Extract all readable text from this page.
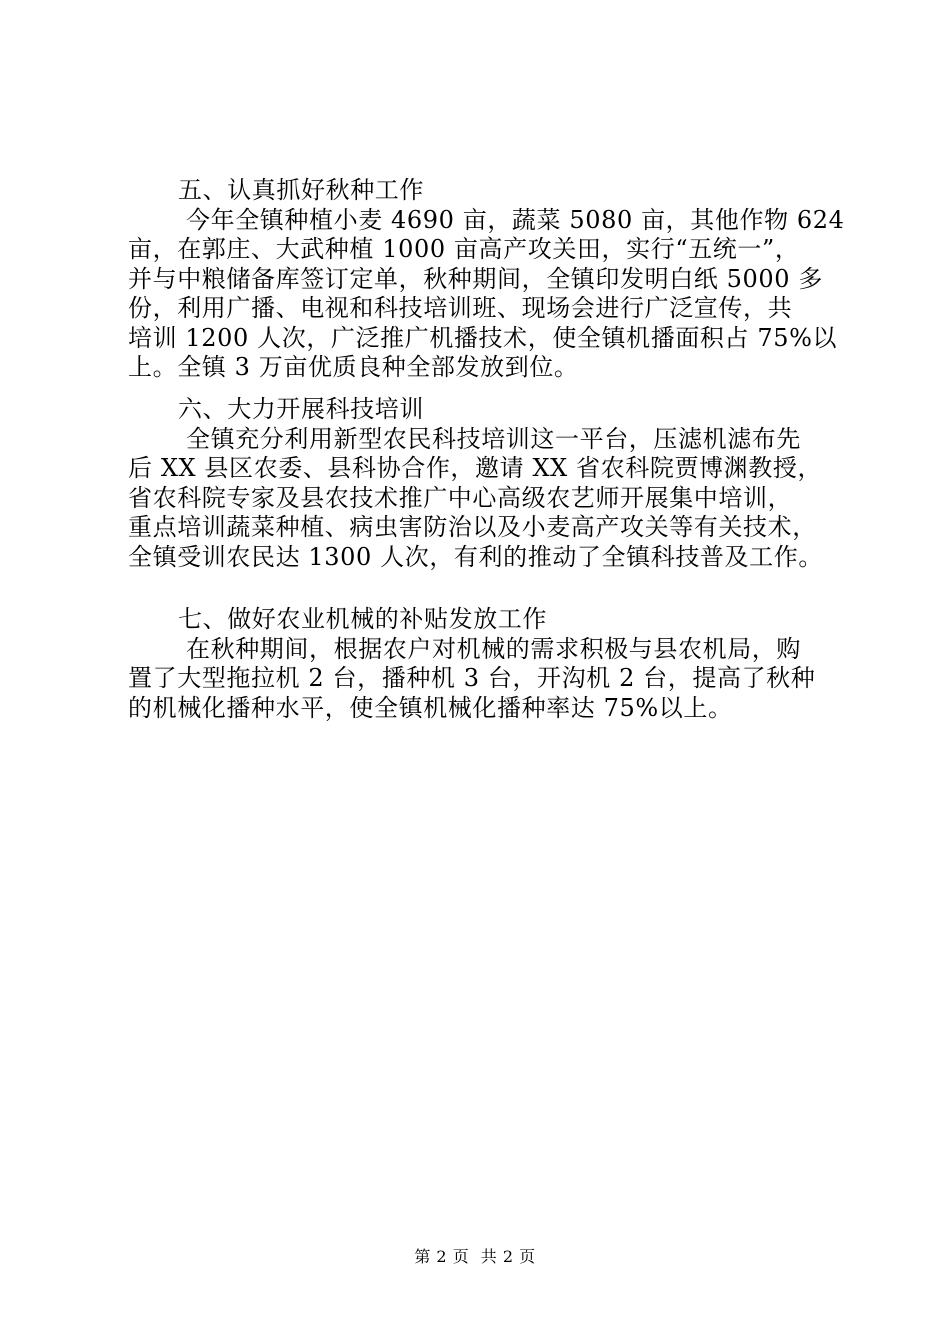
五、认真抓好秋种工作
今年全镇种植小麦 4690 亩，蔬菜 5080 亩，其他作物 624
亩，在郭庄、大武种植 1000 亩高产攻关田，实行“五统一”，
并与中粮储备库签订定单，秋种期间，全镇印发明白纸 5000 多
份，利用广播、电视和科技培训班、现场会进行广泛宣传，共
培训 1200 人次，广泛推广机播技术，使全镇机播面积占 75%以
上。全镇 3 万亩优质良种全部发放到位。
六、大力开展科技培训
全镇充分利用新型农民科技培训这一平台，压滤机滤布先
后 XX 县区农委、县科协合作，邀请 XX 省农科院贾博渊教授，
省农科院专家及县农技术推广中心高级农艺师开展集中培训，
重点培训蔬菜种植、病虫害防治以及小麦高产攻关等有关技术，
全镇受训农民达 1300 人次，有利的推动了全镇科技普及工作。
七、做好农业机械的补贴发放工作
在秋种期间，根据农户对机械的需求积极与县农机局，购
置了大型拖拉机 2 台，播种机 3 台，开沟机 2 台，提高了秋种
的机械化播种水平，使全镇机械化播种率达 75%以上。
第 2 页 共 2 页
